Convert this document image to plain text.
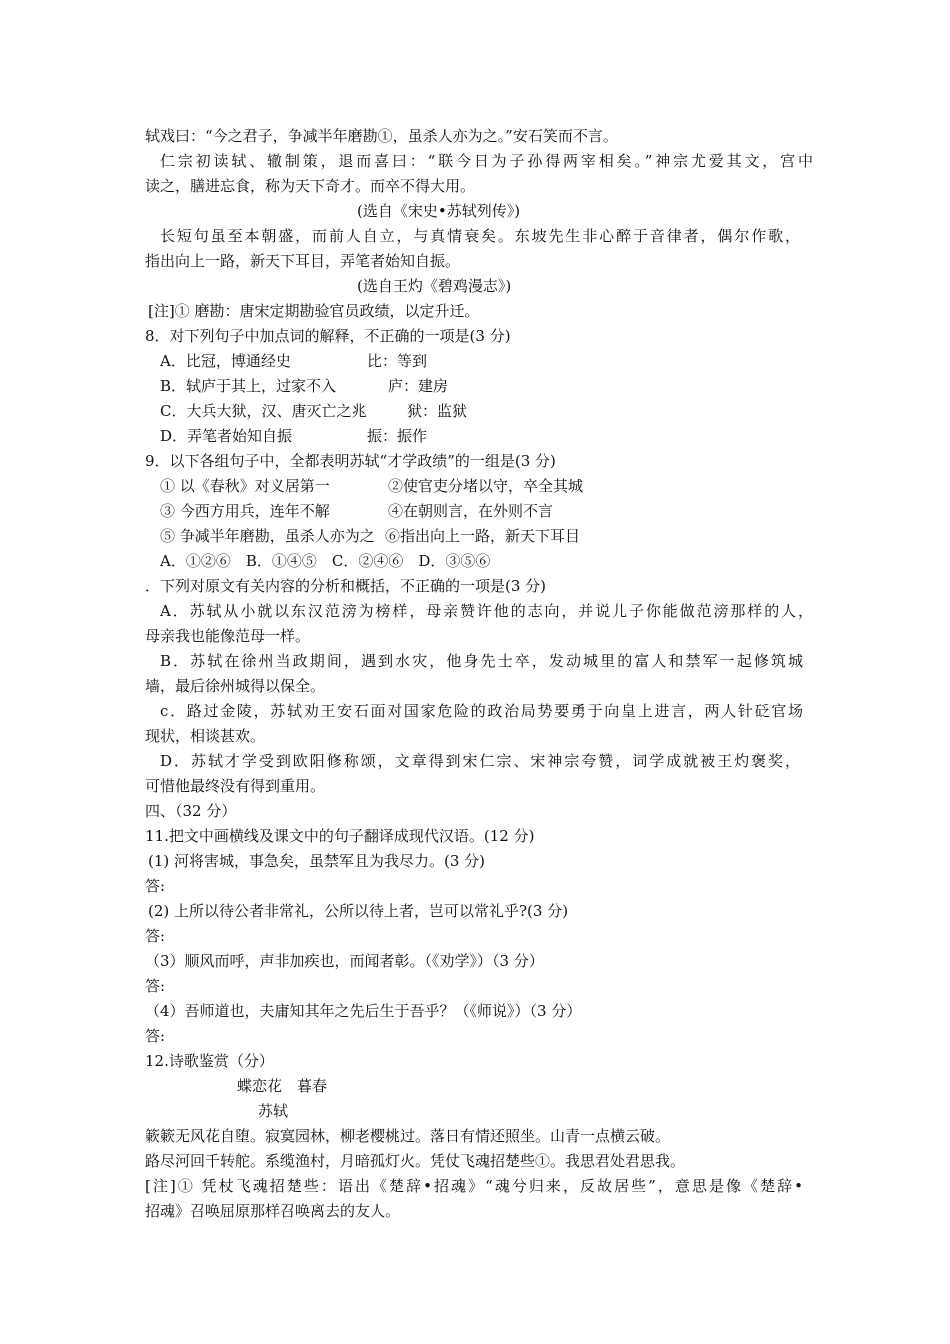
轼戏曰：“今之君子，争减半年磨勘①，虽杀人亦为之。”安石笑而不言。
仁宗初读轼、辙制策，退而喜曰：“联今日为子孙得两宰相矣。”神宗尤爱其文，宫中
读之，膳进忘食，称为天下奇才。而卒不得大用。
(选自《宋史•苏轼列传》)
长短句虽至本朝盛，而前人自立，与真情衰矣。东坡先生非心醉于音律者，偶尔作歌，
指出向上一路，新天下耳目，弄笔者始知自振。
(选自王灼《碧鸡漫志》)
[注]① 磨勘：唐宋定期勘验官员政绩，以定升迁。
8．对下列句子中加点词的解释，不正确的一项是(3 分)
A．比冠，博通经史	比：等到
B．轼庐于其上，过家不入	庐：建房
C．大兵大狱，汉、唐灭亡之兆	狱：监狱
D．弄笔者始知自振	振：振作
9．以下各组句子中，全都表明苏轼“才学政绩”的一组是(3 分)
① 以《春秋》对义居第一	②使官吏分堵以守，卒全其城
③ 今西方用兵，连年不解	④在朝则言，在外则不言
⑤ 争减半年磨勘，虽杀人亦为之 ⑥指出向上一路，新天下耳目
A．①②⑥　B．①④⑤　C．②④⑥　D．③⑤⑥
．下列对原文有关内容的分析和概括，不正确的一项是(3 分)
A．苏轼从小就以东汉范滂为榜样，母亲赞许他的志向，并说儿子你能做范滂那样的人，
母亲我也能像范母一样。
B．苏轼在徐州当政期间，遇到水灾，他身先士卒，发动城里的富人和禁军一起修筑城
墙，最后徐州城得以保全。
c．路过金陵，苏轼劝王安石面对国家危险的政治局势要勇于向皇上进言，两人针砭官场
现状，相谈甚欢。
D．苏轼才学受到欧阳修称颂，文章得到宋仁宗、宋神宗夸赞，词学成就被王灼褒奖，
可惜他最终没有得到重用。
四、（32 分）
11.把文中画横线及课文中的句子翻译成现代汉语。(12 分)
(1) 河将害城，事急矣，虽禁军且为我尽力。(3 分)
答:
(2) 上所以待公者非常礼，公所以待上者，岂可以常礼乎?(3 分)
答:
（3）顺风而呼，声非加疾也，而闻者彰。（《劝学》）（3 分）
答:
（4）吾师道也，夫庸知其年之先后生于吾乎？（《师说》）（3 分）
答:
12.诗歌鉴赏（分）
蝶恋花　暮春
苏轼
簌簌无风花自堕。寂寞园林，柳老樱桃过。落日有情还照坐。山青一点横云破。
路尽河回千转舵。系缆渔村，月暗孤灯火。凭仗飞魂招楚些①。我思君处君思我。
[注]① 凭杖飞魂招楚些：语出《楚辞•招魂》“魂兮归来，反故居些”，意思是像《楚辞•
招魂》召唤屈原那样召唤离去的友人。
